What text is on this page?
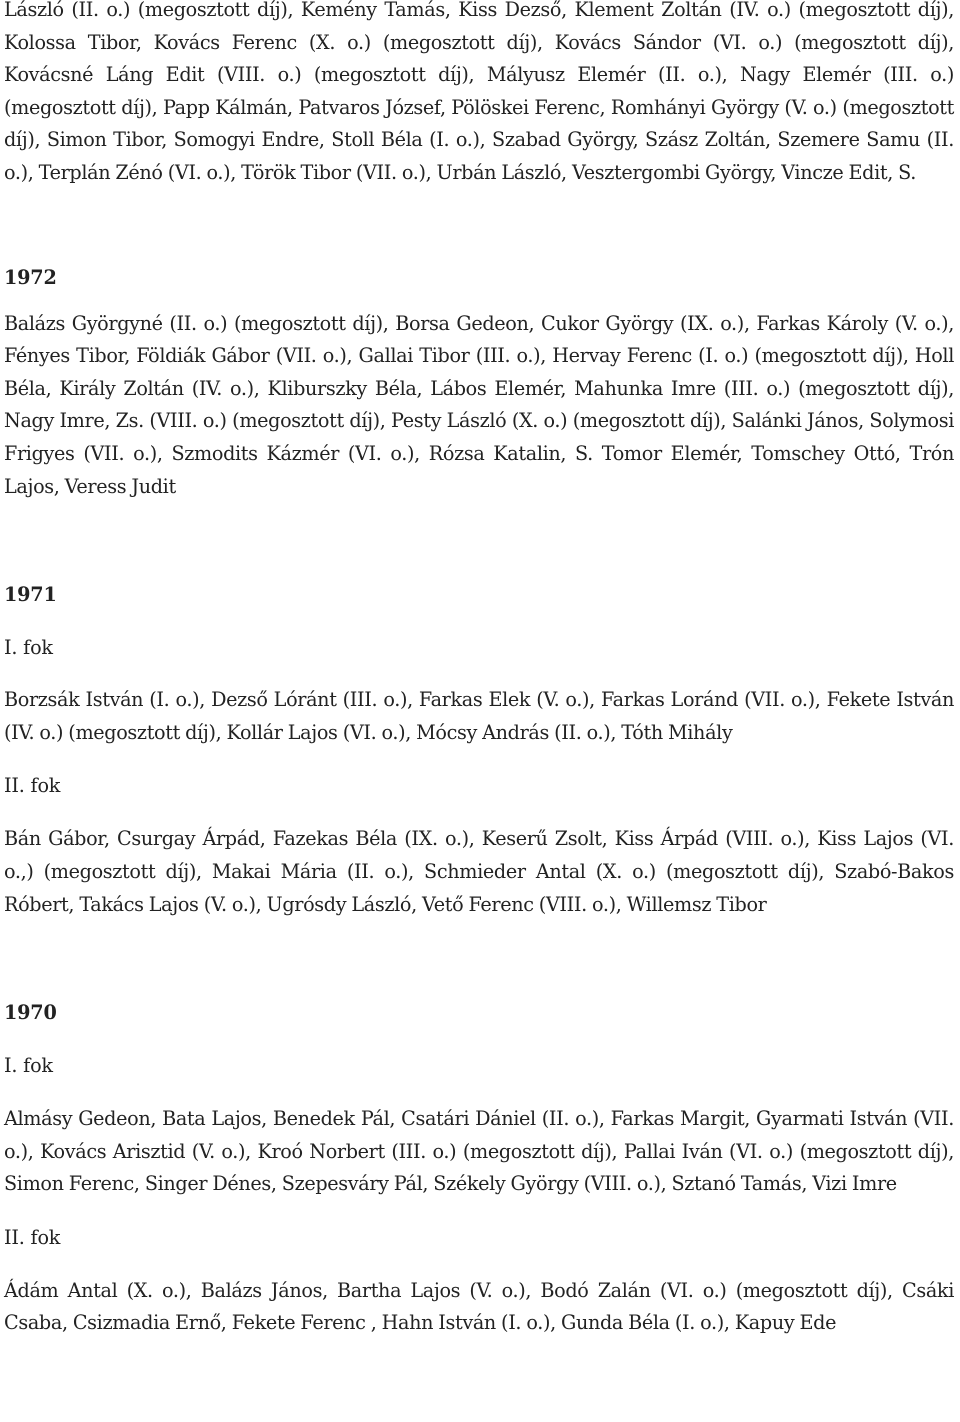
László (II. o.) (megosztott díj), Kemény Tamás, Kiss Dezső, Klement Zoltán (IV. o.) (megosztott díj), Kolossa Tibor, Kovács Ferenc (X. o.) (megosztott díj), Kovács Sándor (VI. o.) (megosztott díj), Kovácsné Láng Edit (VIII. o.) (megosztott díj), Mályusz Elemér (II. o.), Nagy Elemér (III. o.) (megosztott díj), Papp Kálmán, Patvaros József, Pölöskei Ferenc, Romhányi György (V. o.) (megosztott díj), Simon Tibor, Somogyi Endre, Stoll Béla (I. o.), Szabad György, Szász Zoltán, Szemere Samu (II. o.), Terplán Zénó (VI. o.), Török Tibor (VII. o.), Urbán László, Vesztergombi György, Vincze Edit, S.

1972

Balázs Györgyné (II. o.) (megosztott díj), Borsa Gedeon, Cukor György (IX. o.), Farkas Károly (V. o.), Fényes Tibor, Földiák Gábor (VII. o.), Gallai Tibor (III. o.), Hervay Ferenc (I. o.) (megosztott díj), Holl Béla, Király Zoltán (IV. o.), Kliburszky Béla, Lábos Elemér, Mahunka Imre (III. o.) (megosztott díj), Nagy Imre, Zs. (VIII. o.) (megosztott díj), Pesty László (X. o.) (megosztott díj), Salánki János, Solymosi Frigyes (VII. o.), Szmodits Kázmér (VI. o.), Rózsa Katalin, S. Tomor Elemér, Tomschey Ottó, Trón Lajos, Veress Judit

1971

I. fok

Borzsák István (I. o.), Dezső Lóránt (III. o.), Farkas Elek (V. o.), Farkas Loránd (VII. o.), Fekete István (IV. o.) (megosztott díj), Kollár Lajos (VI. o.), Mócsy András (II. o.), Tóth Mihály

II. fok

Bán Gábor, Csurgay Árpád, Fazekas Béla (IX. o.), Keserű Zsolt, Kiss Árpád (VIII. o.), Kiss Lajos (VI. o.,) (megosztott díj), Makai Mária (II. o.), Schmieder Antal (X. o.) (megosztott díj), Szabó-Bakos Róbert, Takács Lajos (V. o.), Ugrósdy László, Vető Ferenc (VIII. o.), Willemsz Tibor

1970

I. fok

Almásy Gedeon, Bata Lajos, Benedek Pál, Csatári Dániel (II. o.), Farkas Margit, Gyarmati István (VII. o.), Kovács Arisztid (V. o.), Kroó Norbert (III. o.) (megosztott díj), Pallai Iván (VI. o.) (megosztott díj), Simon Ferenc, Singer Dénes, Szepesváry Pál, Székely György (VIII. o.), Sztanó Tamás, Vizi Imre

II. fok

Ádám Antal (X. o.), Balázs János, Bartha Lajos (V. o.), Bodó Zalán (VI. o.) (megosztott díj), Csáki Csaba, Csizmadia Ernő, Fekete Ferenc , Hahn István (I. o.), Gunda Béla (I. o.), Kapuy Ede
